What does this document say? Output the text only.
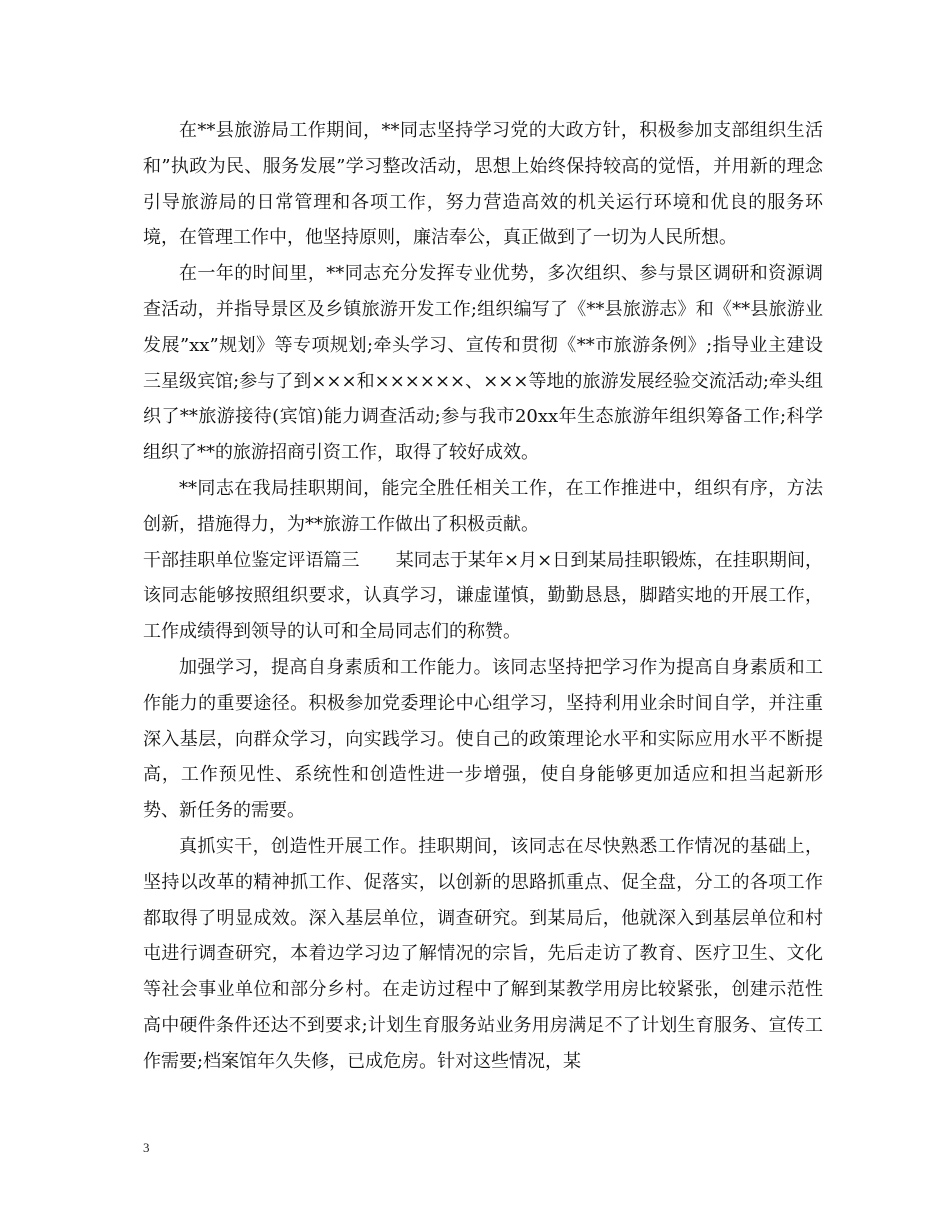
在**县旅游局工作期间，**同志坚持学习党的大政方针，积极参加支部组织生活和”执政为民、服务发展”学习整改活动，思想上始终保持较高的觉悟，并用新的理念引导旅游局的日常管理和各项工作，努力营造高效的机关运行环境和优良的服务环境，在管理工作中，他坚持原则，廉洁奉公，真正做到了一切为人民所想。

在一年的时间里，**同志充分发挥专业优势，多次组织、参与景区调研和资源调查活动，并指导景区及乡镇旅游开发工作;组织编写了《**县旅游志》和《**县旅游业发展”xx”规划》等专项规划;牵头学习、宣传和贯彻《**市旅游条例》;指导业主建设三星级宾馆;参与了到×××和××××××、×××等地的旅游发展经验交流活动;牵头组织了**旅游接待(宾馆)能力调查活动;参与我市20xx年生态旅游年组织筹备工作;科学组织了**的旅游招商引资工作，取得了较好成效。

**同志在我局挂职期间，能完全胜任相关工作，在工作推进中，组织有序，方法创新，措施得力，为**旅游工作做出了积极贡献。

干部挂职单位鉴定评语篇三　　某同志于某年×月×日到某局挂职锻炼，在挂职期间，该同志能够按照组织要求，认真学习，谦虚谨慎，勤勤恳恳，脚踏实地的开展工作，工作成绩得到领导的认可和全局同志们的称赞。

加强学习，提高自身素质和工作能力。该同志坚持把学习作为提高自身素质和工作能力的重要途径。积极参加党委理论中心组学习，坚持利用业余时间自学，并注重深入基层，向群众学习，向实践学习。使自己的政策理论水平和实际应用水平不断提高，工作预见性、系统性和创造性进一步增强，使自身能够更加适应和担当起新形势、新任务的需要。

真抓实干，创造性开展工作。挂职期间，该同志在尽快熟悉工作情况的基础上，坚持以改革的精神抓工作、促落实，以创新的思路抓重点、促全盘，分工的各项工作都取得了明显成效。深入基层单位，调查研究。到某局后，他就深入到基层单位和村屯进行调查研究，本着边学习边了解情况的宗旨，先后走访了教育、医疗卫生、文化等社会事业单位和部分乡村。在走访过程中了解到某教学用房比较紧张，创建示范性高中硬件条件还达不到要求;计划生育服务站业务用房满足不了计划生育服务、宣传工作需要;档案馆年久失修，已成危房。针对这些情况，某

3
